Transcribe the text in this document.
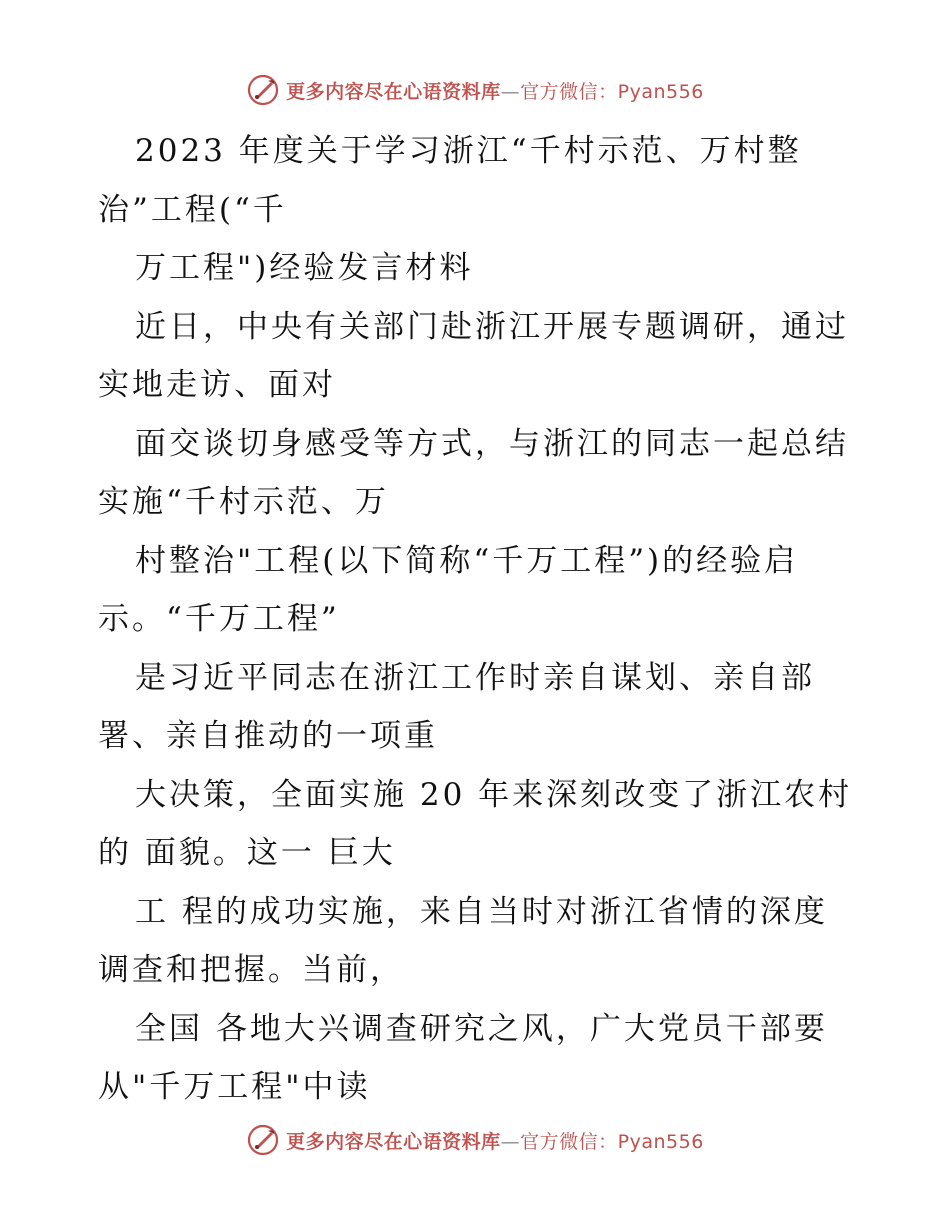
更多内容尽在心语资料库—官方微信：Pyan556
2023 年度关于学习浙江“千村示范、万村整
治”工程(“千
万工程")经验发言材料
近日，中央有关部门赴浙江开展专题调研，通过
实地走访、面对
面交谈切身感受等方式，与浙江的同志一起总结
实施“千村示范、万
村整治"工程(以下简称“千万工程”)的经验启
示。“千万工程”
是习近平同志在浙江工作时亲自谋划、亲自部
署、亲自推动的一项重
大决策，全面实施 20 年来深刻改变了浙江农村
的 面貌。这一 巨大
工 程的成功实施，来自当时对浙江省情的深度
调查和把握。当前，
全国 各地大兴调查研究之风，广大党员干部要
从"千万工程"中读
更多内容尽在心语资料库—官方微信：Pyan556
